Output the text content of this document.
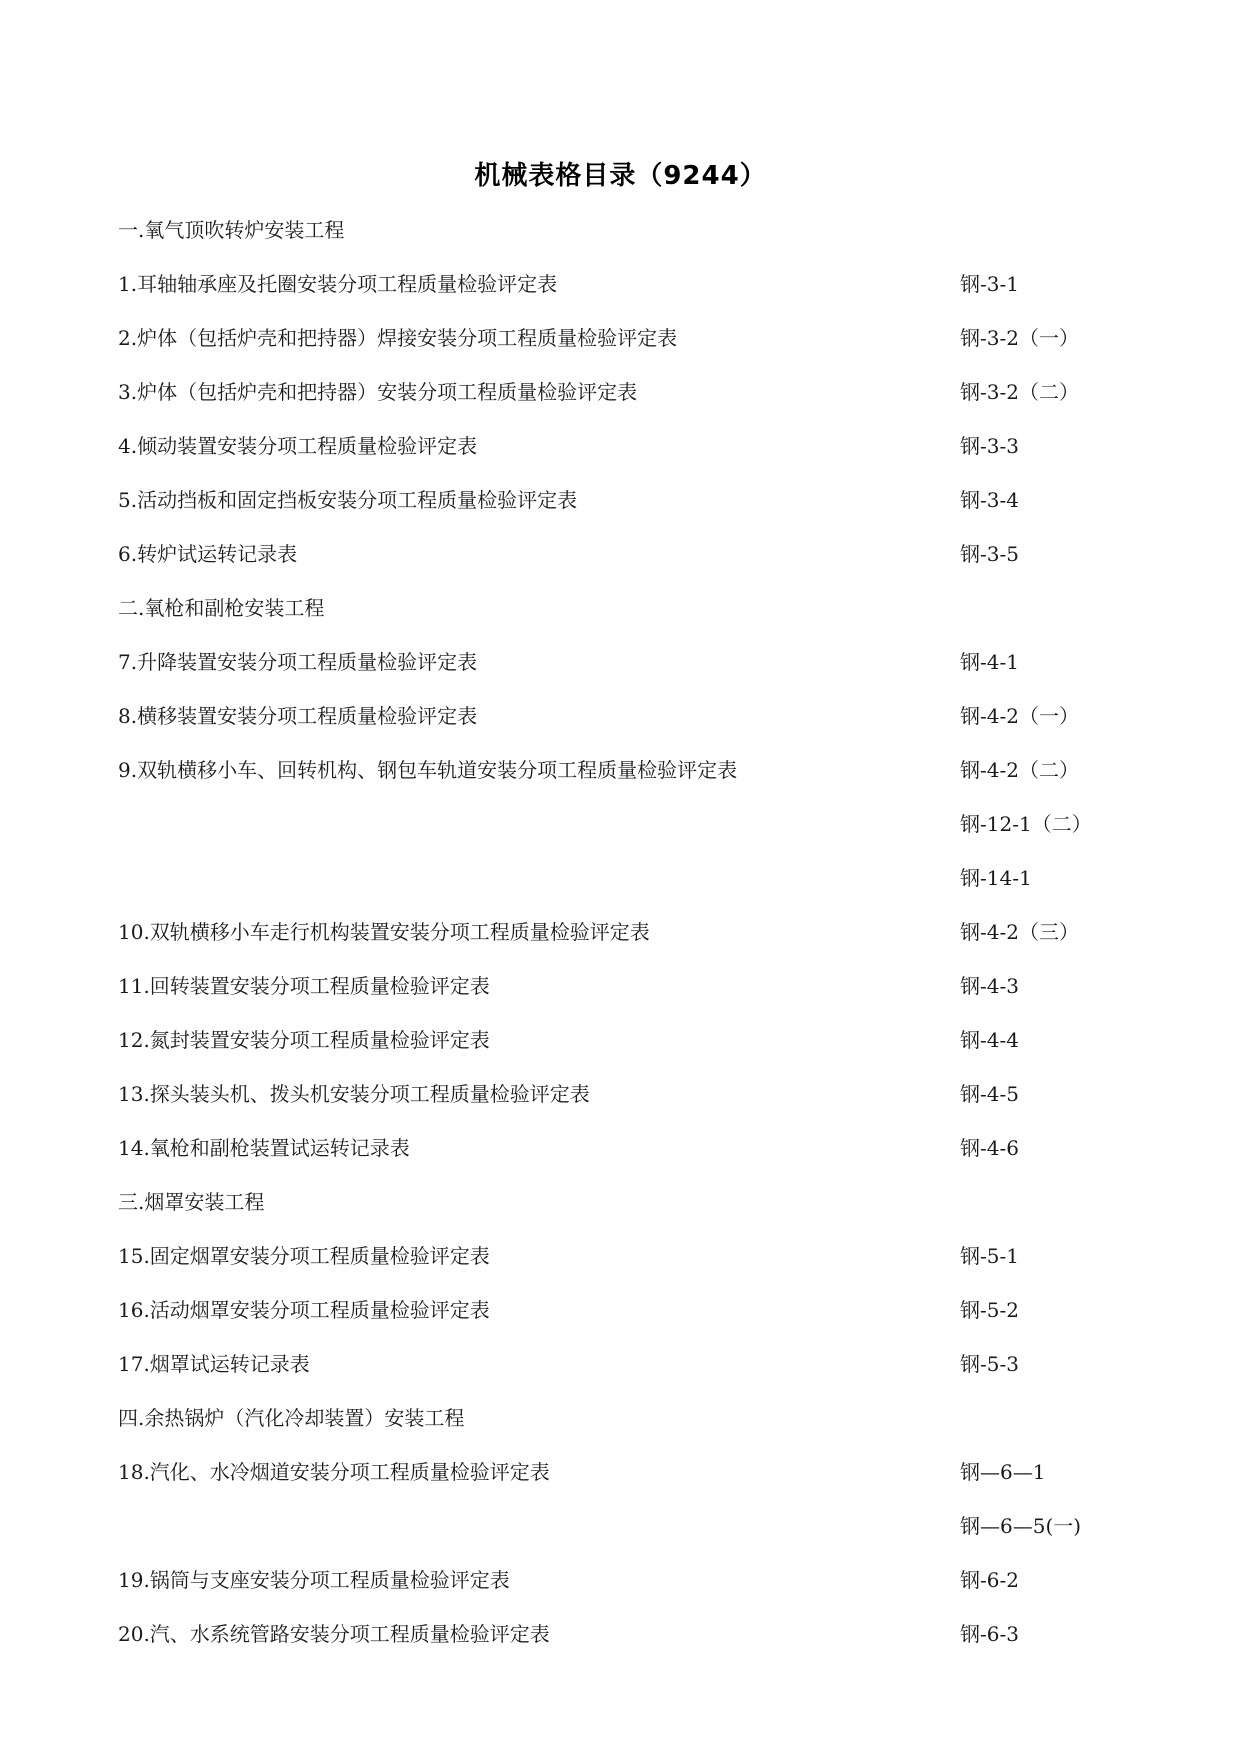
机械表格目录（9244）
一.氧气顶吹转炉安装工程
1.耳轴轴承座及托圈安装分项工程质量检验评定表	钢-3-1
2.炉体（包括炉壳和把持器）焊接安装分项工程质量检验评定表	钢-3-2（一）
3.炉体（包括炉壳和把持器）安装分项工程质量检验评定表	钢-3-2（二）
4.倾动装置安装分项工程质量检验评定表	钢-3-3
5.活动挡板和固定挡板安装分项工程质量检验评定表	钢-3-4
6.转炉试运转记录表	钢-3-5
二.氧枪和副枪安装工程
7.升降装置安装分项工程质量检验评定表	钢-4-1
8.横移装置安装分项工程质量检验评定表	钢-4-2（一）
9.双轨横移小车、回转机构、钢包车轨道安装分项工程质量检验评定表	钢-4-2（二）
钢-12-1（二）
钢-14-1
10.双轨横移小车走行机构装置安装分项工程质量检验评定表	钢-4-2（三）
11.回转装置安装分项工程质量检验评定表	钢-4-3
12.氮封装置安装分项工程质量检验评定表	钢-4-4
13.探头装头机、拨头机安装分项工程质量检验评定表	钢-4-5
14.氧枪和副枪装置试运转记录表	钢-4-6
三.烟罩安装工程
15.固定烟罩安装分项工程质量检验评定表	钢-5-1
16.活动烟罩安装分项工程质量检验评定表	钢-5-2
17.烟罩试运转记录表	钢-5-3
四.余热锅炉（汽化冷却装置）安装工程
18.汽化、水冷烟道安装分项工程质量检验评定表	钢—6—1
钢—6—5(一)
19.锅筒与支座安装分项工程质量检验评定表	钢-6-2
20.汽、水系统管路安装分项工程质量检验评定表	钢-6-3
